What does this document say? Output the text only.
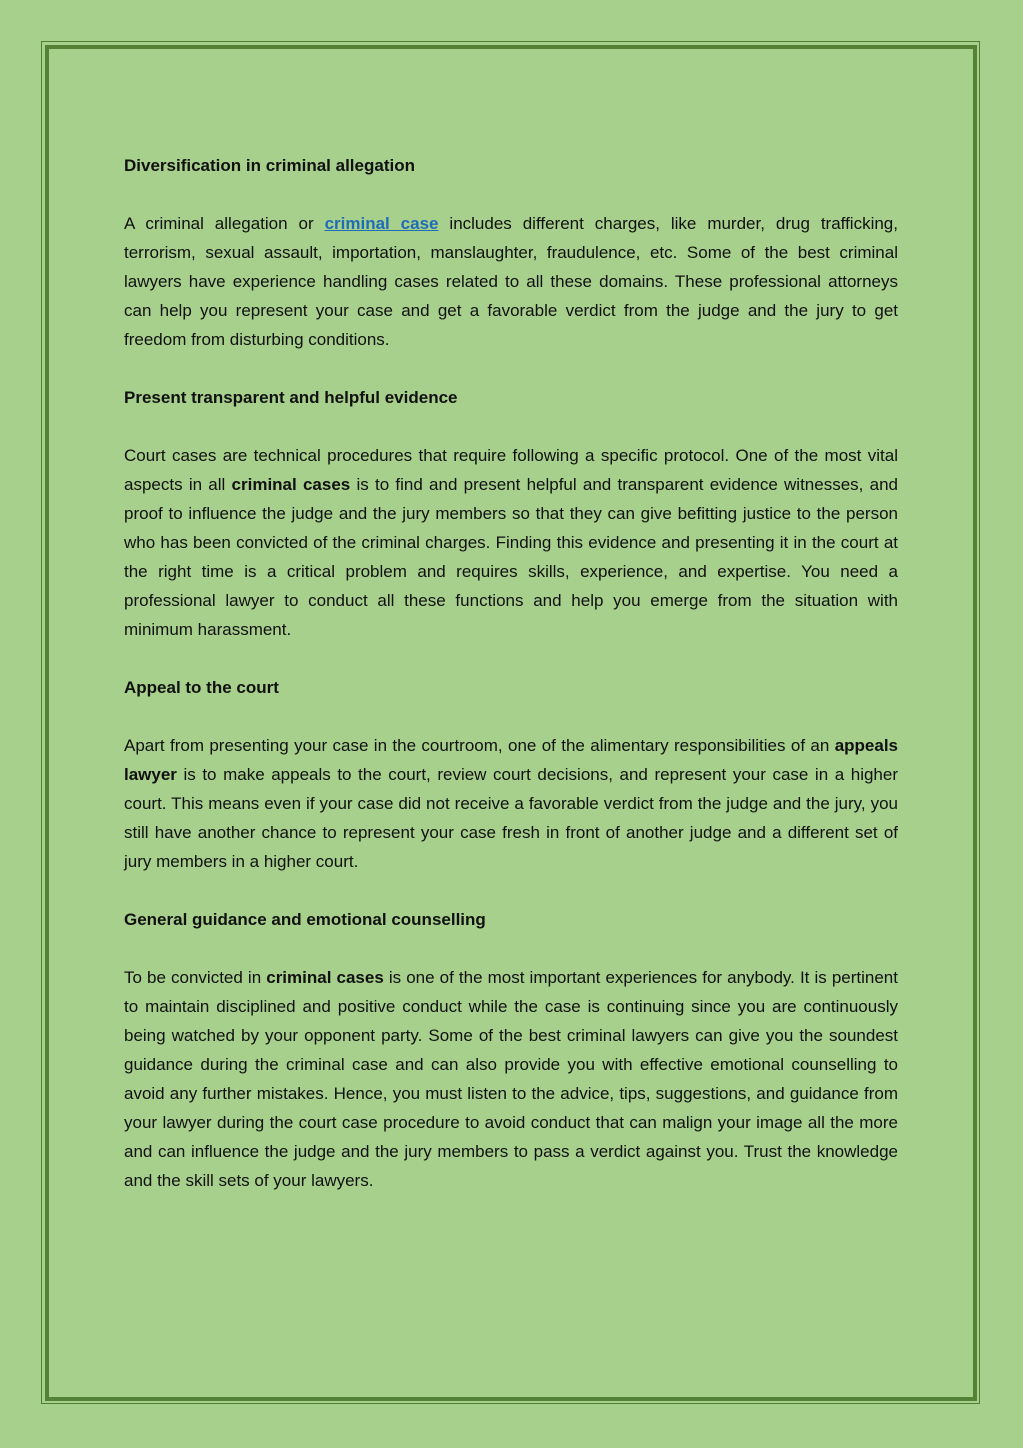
Diversification in criminal allegation
A criminal allegation or criminal case includes different charges, like murder, drug trafficking, terrorism, sexual assault, importation, manslaughter, fraudulence, etc. Some of the best criminal lawyers have experience handling cases related to all these domains. These professional attorneys can help you represent your case and get a favorable verdict from the judge and the jury to get freedom from disturbing conditions.
Present transparent and helpful evidence
Court cases are technical procedures that require following a specific protocol. One of the most vital aspects in all criminal cases is to find and present helpful and transparent evidence witnesses, and proof to influence the judge and the jury members so that they can give befitting justice to the person who has been convicted of the criminal charges. Finding this evidence and presenting it in the court at the right time is a critical problem and requires skills, experience, and expertise. You need a professional lawyer to conduct all these functions and help you emerge from the situation with minimum harassment.
Appeal to the court
Apart from presenting your case in the courtroom, one of the alimentary responsibilities of an appeals lawyer is to make appeals to the court, review court decisions, and represent your case in a higher court. This means even if your case did not receive a favorable verdict from the judge and the jury, you still have another chance to represent your case fresh in front of another judge and a different set of jury members in a higher court.
General guidance and emotional counselling
To be convicted in criminal cases is one of the most important experiences for anybody. It is pertinent to maintain disciplined and positive conduct while the case is continuing since you are continuously being watched by your opponent party. Some of the best criminal lawyers can give you the soundest guidance during the criminal case and can also provide you with effective emotional counselling to avoid any further mistakes. Hence, you must listen to the advice, tips, suggestions, and guidance from your lawyer during the court case procedure to avoid conduct that can malign your image all the more and can influence the judge and the jury members to pass a verdict against you. Trust the knowledge and the skill sets of your lawyers.
